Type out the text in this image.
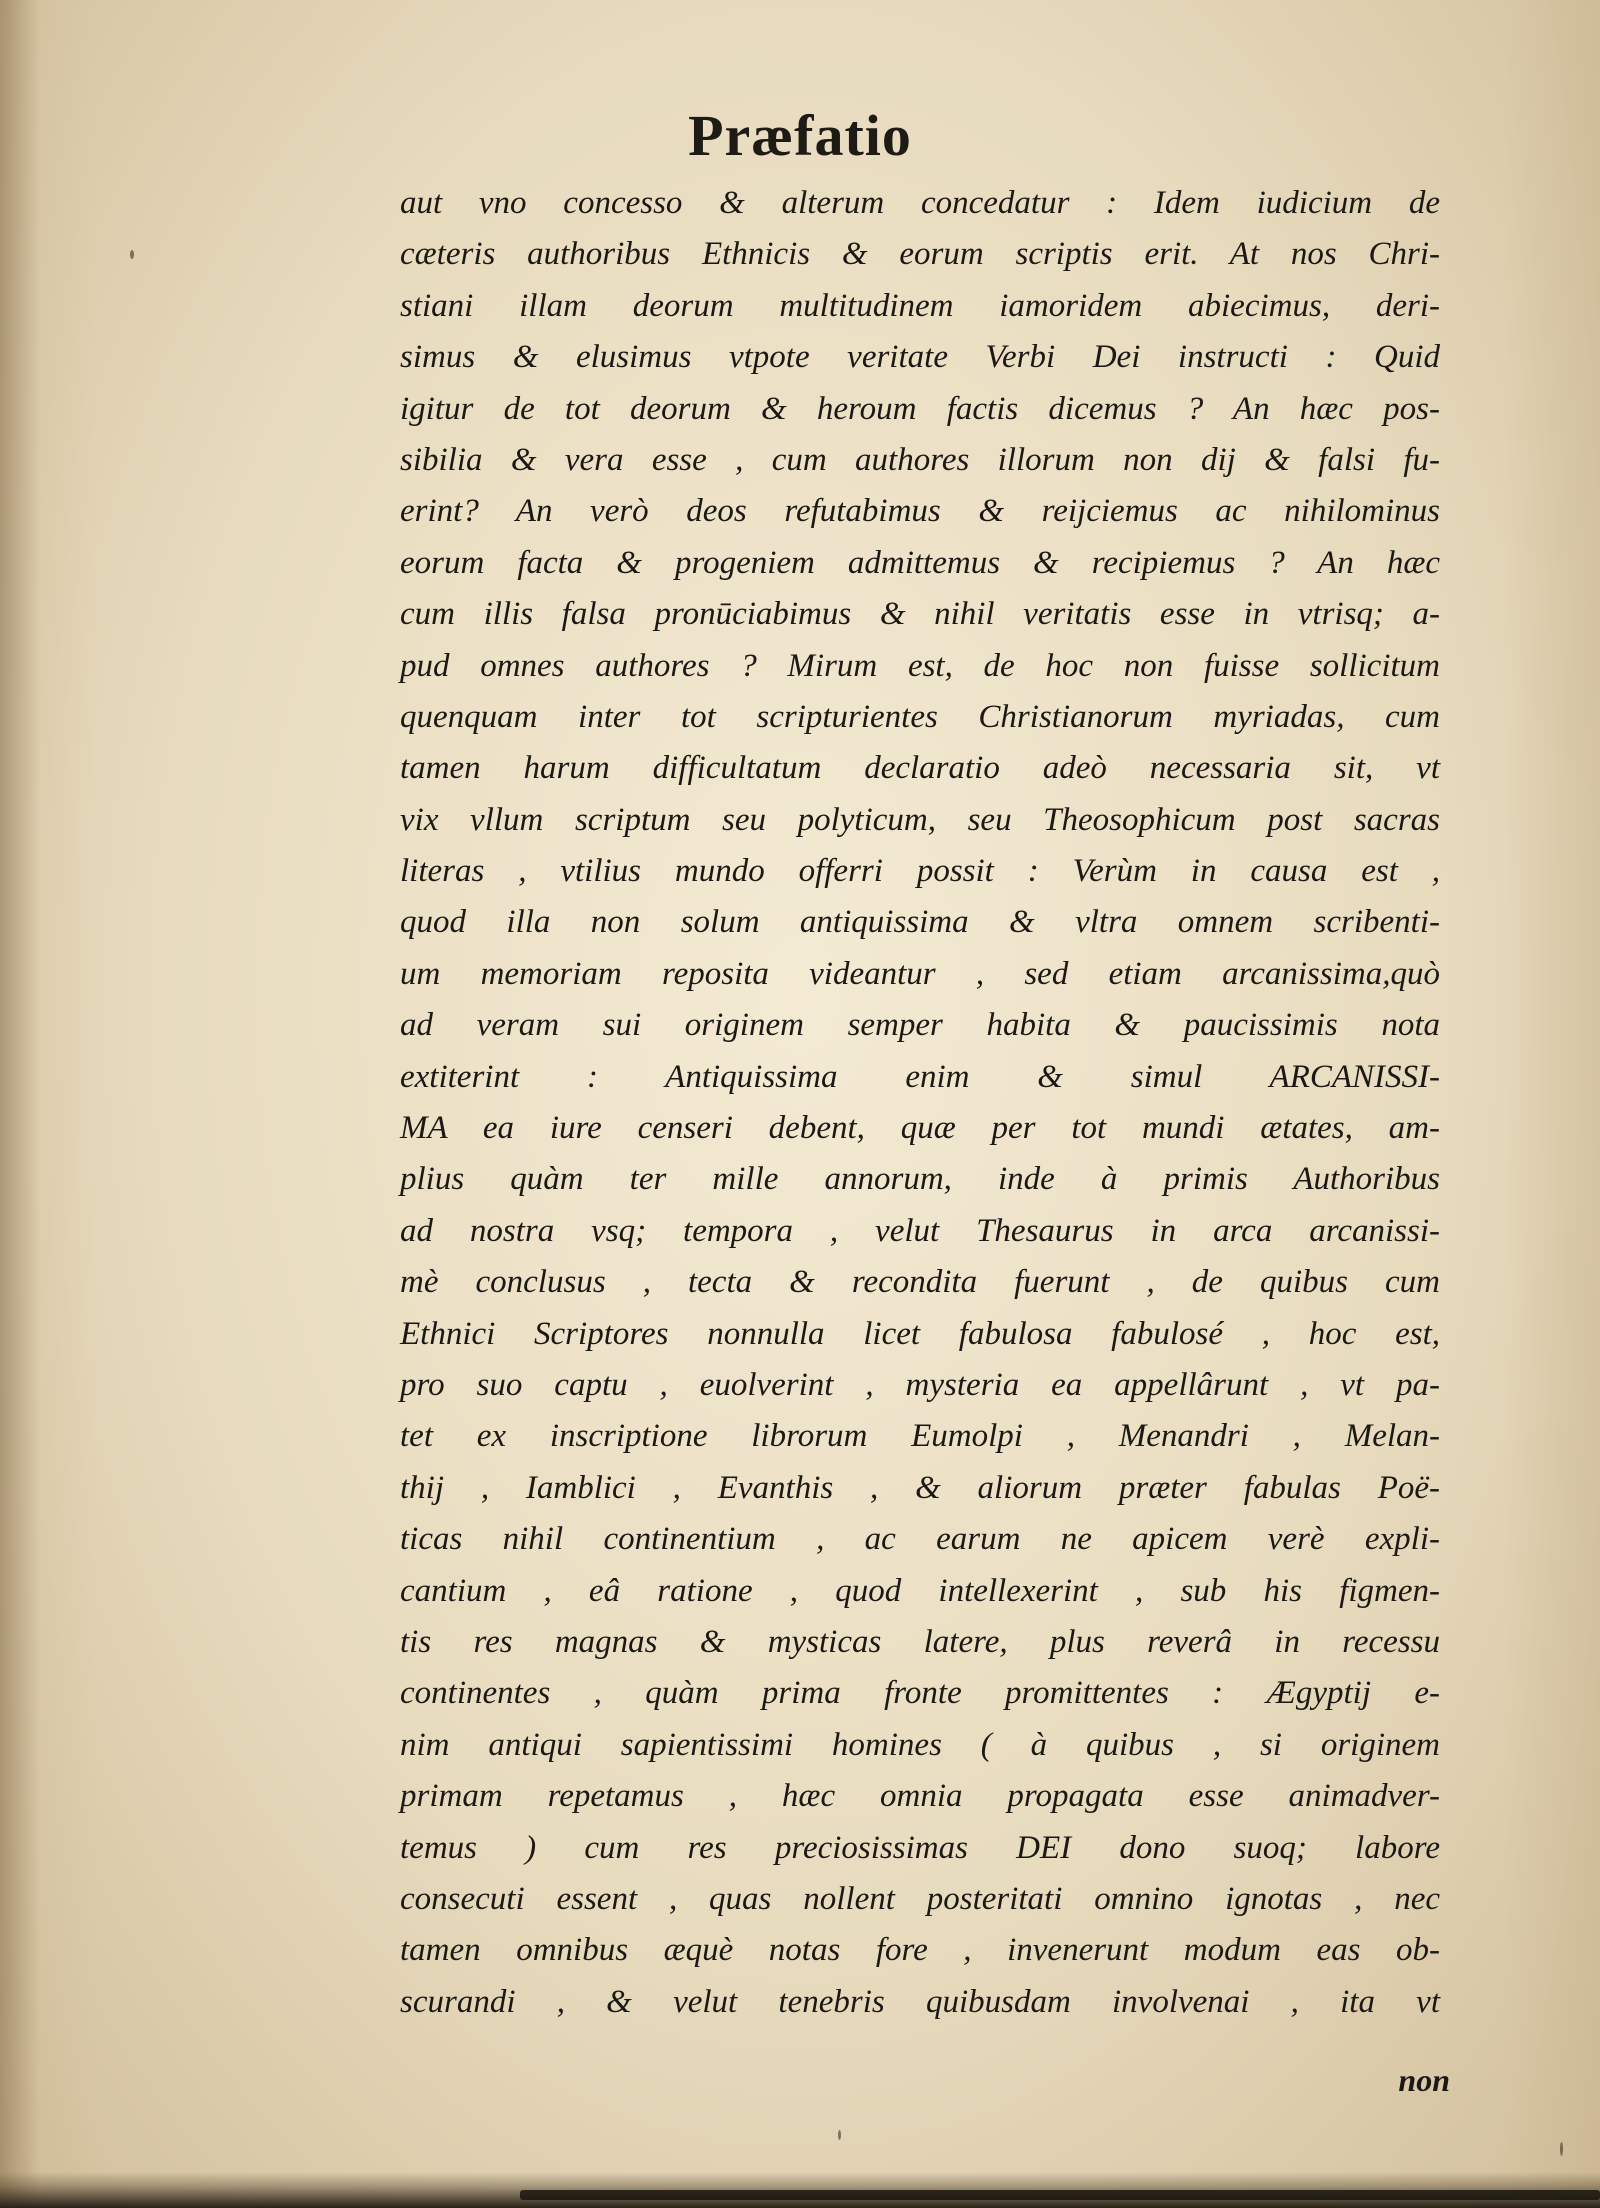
Præfatio
aut vno concesso & alterum concedatur : Idem iudicium de
cæteris authoribus Ethnicis & eorum scriptis erit. At nos Chri-
stiani illam deorum multitudinem iamoridem abiecimus, deri-
simus & elusimus vtpote veritate Verbi Dei instructi : Quid
igitur de tot deorum & heroum factis dicemus ? An hæc pos-
sibilia & vera esse , cum authores illorum non dij & falsi fu-
erint? An verò deos refutabimus & reijciemus ac nihilominus
eorum facta & progeniem admittemus & recipiemus ? An hæc
cum illis falsa pronūciabimus & nihil veritatis esse in vtrisq; a-
pud omnes authores ? Mirum est, de hoc non fuisse sollicitum
quenquam inter tot scripturientes Christianorum myriadas, cum
tamen harum difficultatum declaratio adeò necessaria sit, vt
vix vllum scriptum seu polyticum, seu Theosophicum post sacras
literas , vtilius mundo offerri possit : Verùm in causa est ,
quod illa non solum antiquissima & vltra omnem scribenti-
um memoriam reposita videantur , sed etiam arcanissima,quò
ad veram sui originem semper habita & paucissimis nota
extiterint : Antiquissima enim & simul ARCANISSI-
MA ea iure censeri debent, quæ per tot mundi ætates, am-
plius quàm ter mille annorum, inde à primis Authoribus
ad nostra vsq; tempora , velut Thesaurus in arca arcanissi-
mè conclusus , tecta & recondita fuerunt , de quibus cum
Ethnici Scriptores nonnulla licet fabulosa fabulosé , hoc est,
pro suo captu , euolverint , mysteria ea appellârunt , vt pa-
tet ex inscriptione librorum Eumolpi , Menandri , Melan-
thij , Iamblici , Evanthis , & aliorum præter fabulas Poë-
ticas nihil continentium , ac earum ne apicem verè expli-
cantium , eâ ratione , quod intellexerint , sub his figmen-
tis res magnas & mysticas latere, plus reverâ in recessu
continentes , quàm prima fronte promittentes : Ægyptij e-
nim antiqui sapientissimi homines ( à quibus , si originem
primam repetamus , hæc omnia propagata esse animadver-
temus ) cum res preciosissimas DEI dono suoq; labore
consecuti essent , quas nollent posteritati omnino ignotas , nec
tamen omnibus æquè notas fore , invenerunt modum eas ob-
scurandi , & velut tenebris quibusdam involvenai , ita vt
non
